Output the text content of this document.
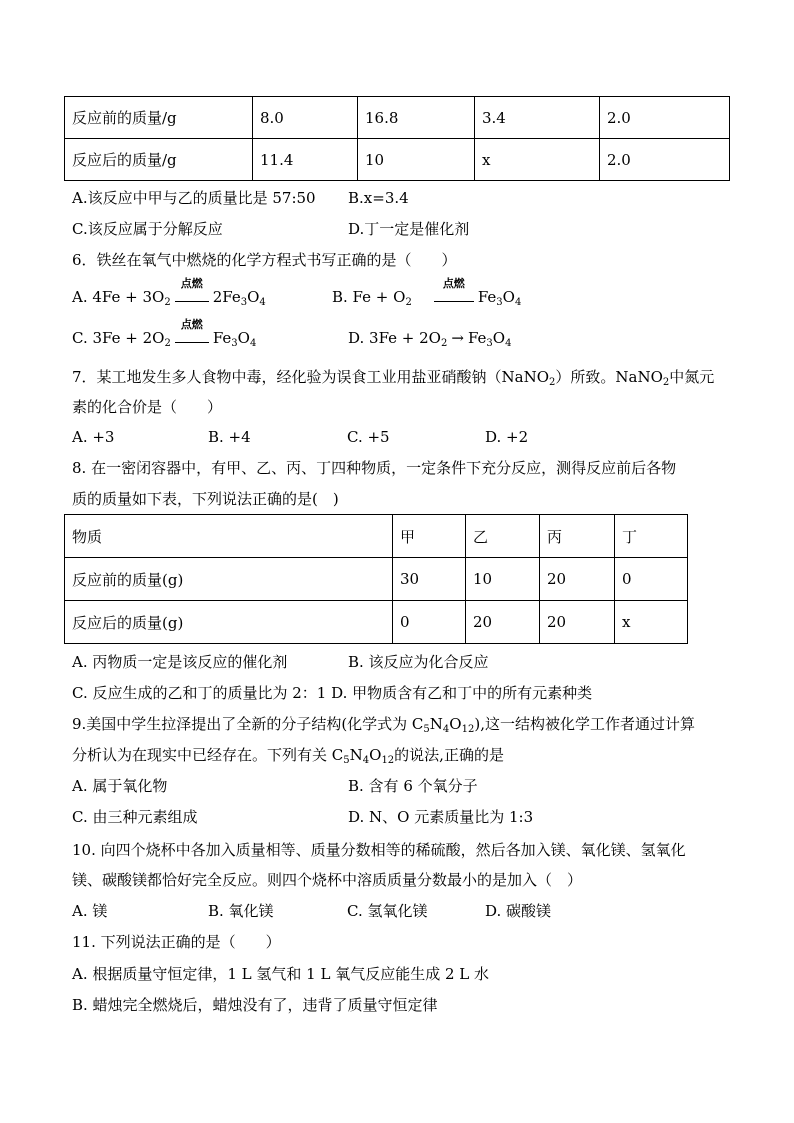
反应前的质量/g	8.0	16.8	3.4	2.0
反应后的质量/g	11.4	10	x	2.0
A.该反应中甲与乙的质量比是 57:50 B.x=3.4
C.该反应属于分解反应	D.丁一定是催化剂
6．铁丝在氧气中燃烧的化学方程式书写正确的是（ ）
A. $4Fe + 3O_2$
点燃
$2Fe_3O_4$	B. $Fe + O_2$
点燃
$Fe_3O_4$
C. $3Fe + 2O_2$
点燃
$Fe_3O_4$	D. $3Fe + 2O_2 \to Fe_3O_4$
7．某工地发生多人食物中毒，经化验为误食工业用盐亚硝酸钠（NaNO$_2$）所致。NaNO$_2$中氮元
素的化合价是（ ）
A. +3	B. +4	C. +5	D. +2
8. 在一密闭容器中，有甲、乙、丙、丁四种物质，一定条件下充分反应，测得反应前后各物
质的质量如下表，下列说法正确的是(　)
物质	甲	乙	丙	丁
反应前的质量(g)	30	10	20	0
反应后的质量(g)	0	20	20	x
A. 丙物质一定是该反应的催化剂	B. 该反应为化合反应
C. 反应生成的乙和丁的质量比为 2：1 D. 甲物质含有乙和丁中的所有元素种类
9.美国中学生拉泽提出了全新的分子结构(化学式为 $C_5N_4O_{12}$),这一结构被化学工作者通过计算
分析认为在现实中已经存在。下列有关 $C_5N_4O_{12}$的说法,正确的是
A. 属于氧化物	B. 含有 6 个氧分子
C. 由三种元素组成	D. N、O 元素质量比为 1:3
10. 向四个烧杯中各加入质量相等、质量分数相等的稀硫酸，然后各加入镁、氧化镁、氢氧化
镁、碳酸镁都恰好完全反应。则四个烧杯中溶质质量分数最小的是加入（　）
A. 镁	B. 氧化镁	C. 氢氧化镁	D. 碳酸镁
11. 下列说法正确的是（ ）
A. 根据质量守恒定律，1 L 氢气和 1 L 氧气反应能生成 2 L 水
B. 蜡烛完全燃烧后，蜡烛没有了，违背了质量守恒定律
